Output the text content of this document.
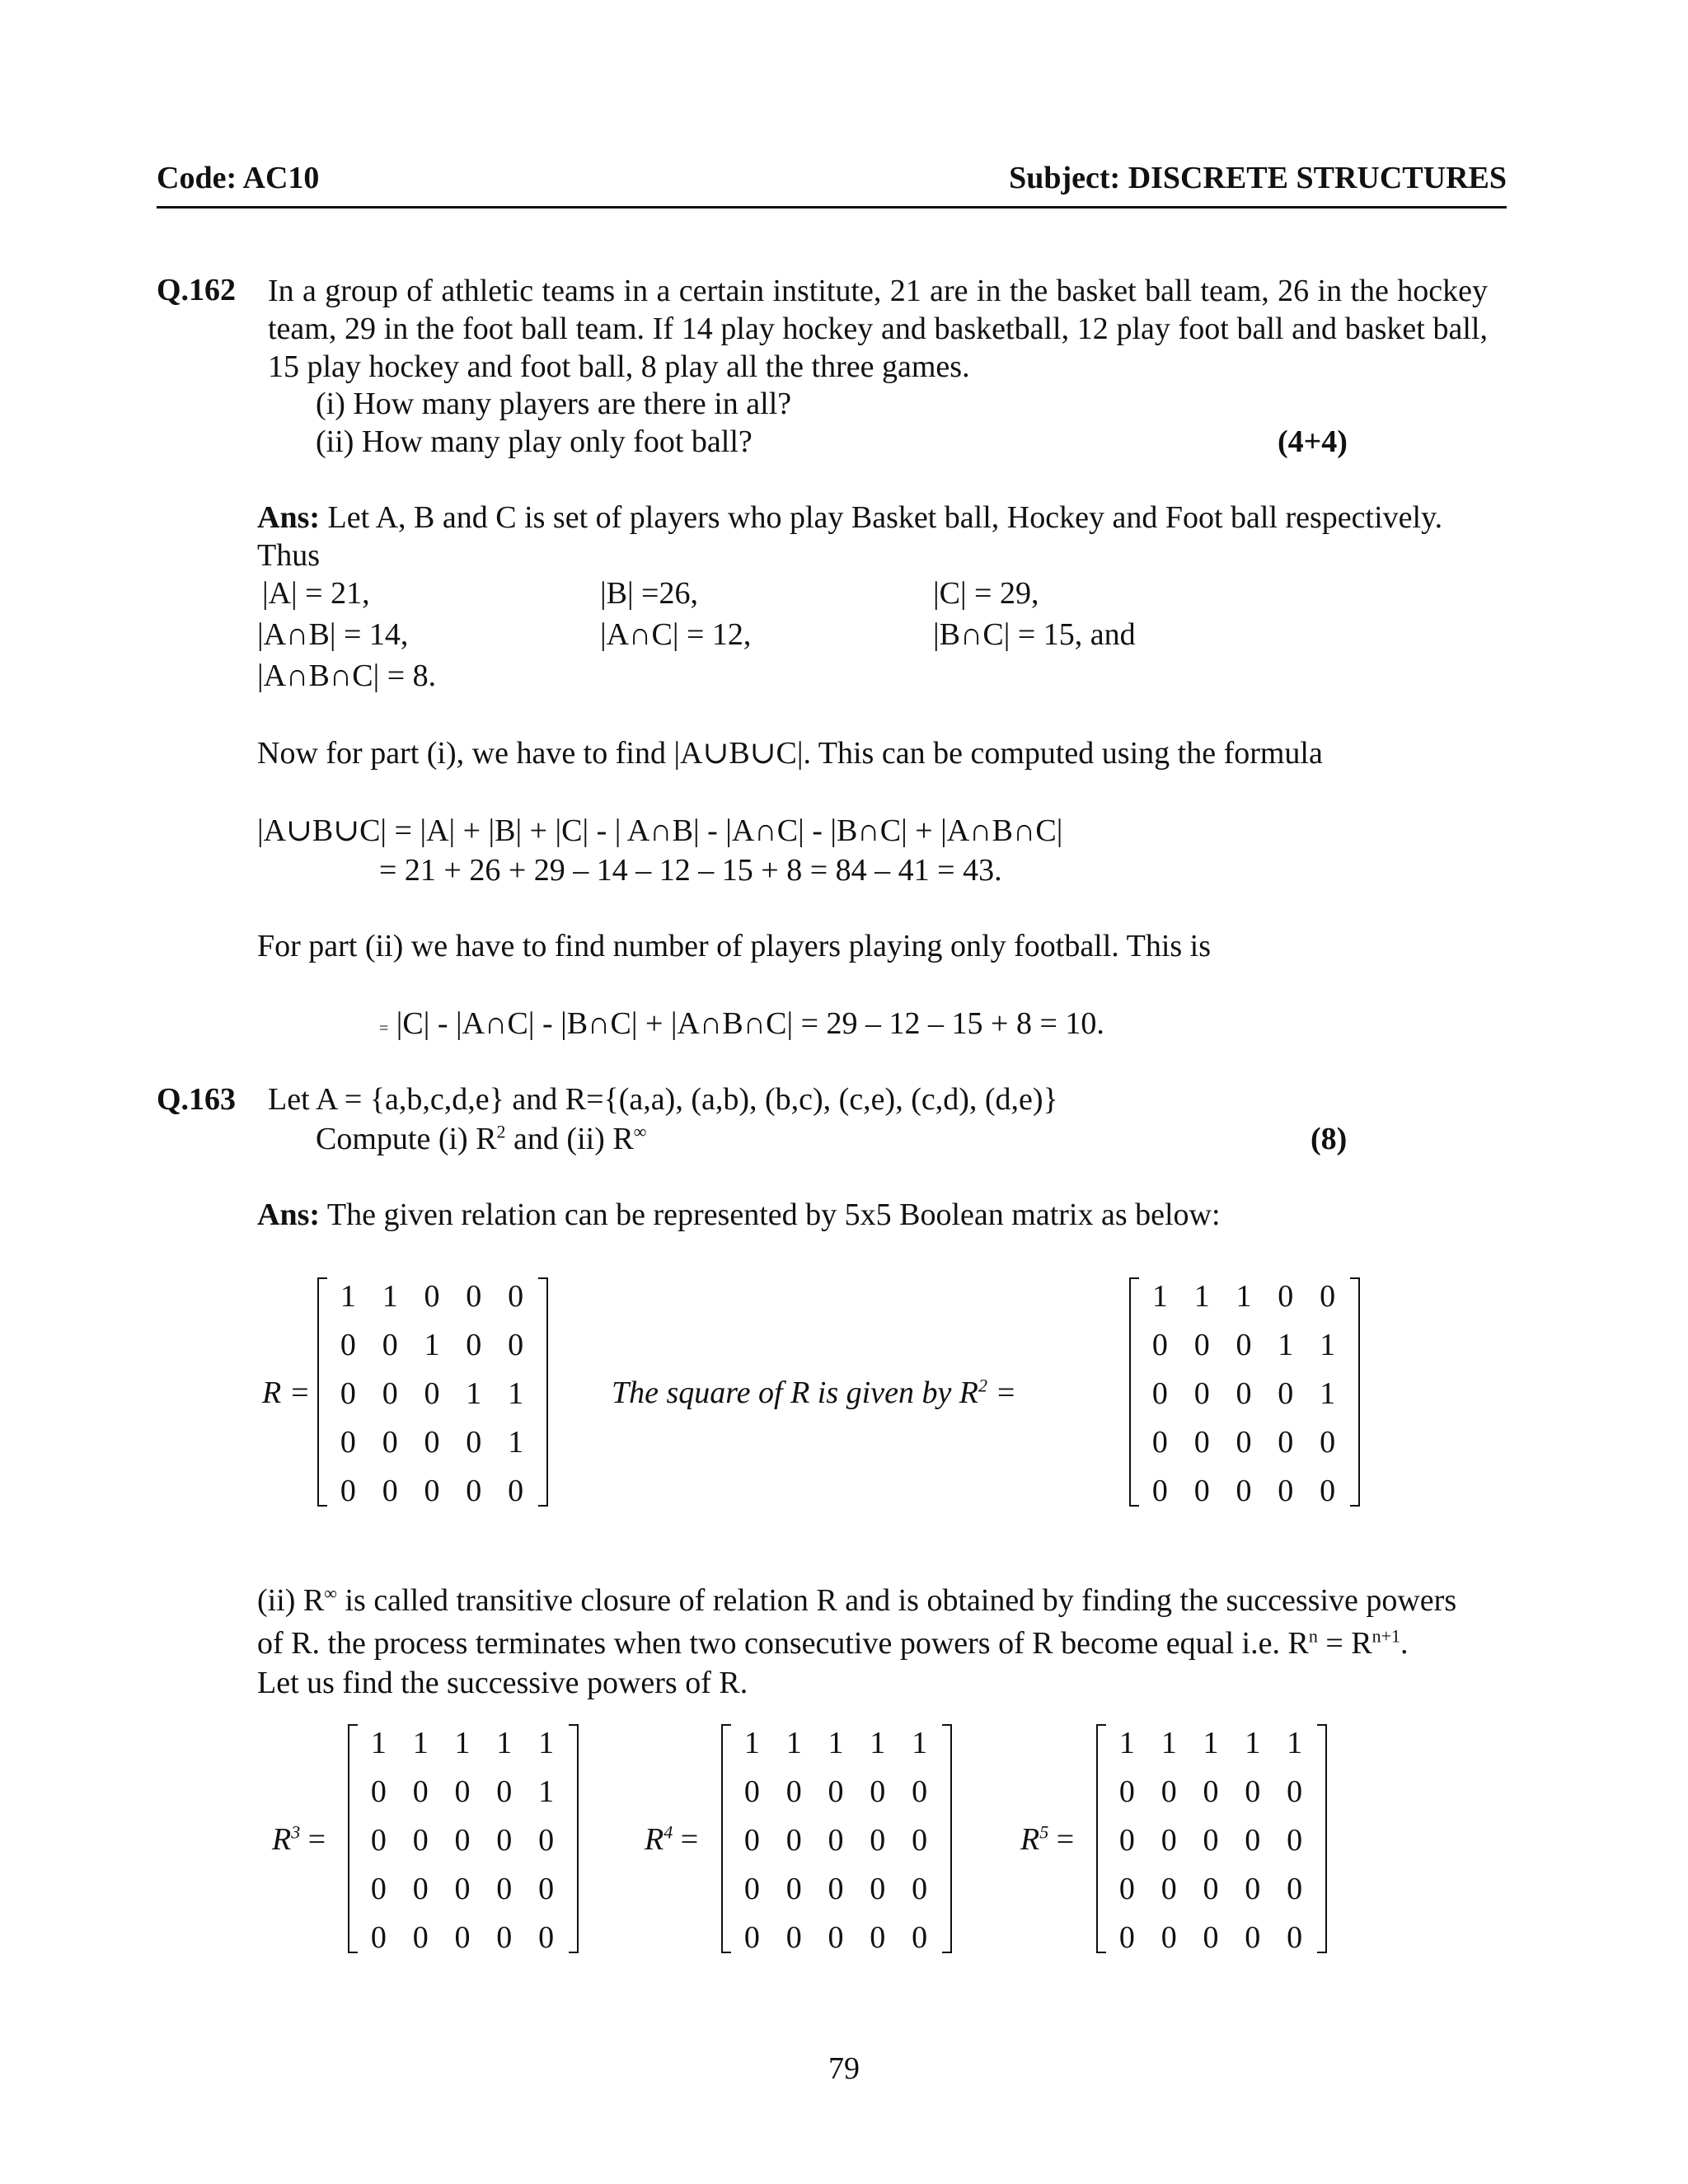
Code: AC10	Subject: DISCRETE STRUCTURES
Q.162 In a group of athletic teams in a certain institute, 21 are in the basket ball team, 26 in the hockey team, 29 in the foot ball team. If 14 play hockey and basketball, 12 play foot ball and basket ball, 15 play hockey and foot ball, 8 play all the three games.
(i) How many players are there in all?
(ii) How many play only foot ball?	(4+4)
Ans: Let A, B and C is set of players who play Basket ball, Hockey and Foot ball respectively.
Thus
|A| = 21,	|B| =26,	|C| = 29,
|A∩B| = 14,	|A∩C| = 12,	|B∩C| = 15, and
|A∩B∩C| = 8.
Now for part (i), we have to find |A∪B∪C|. This can be computed using the formula
|A∪B∪C| = |A| + |B| + |C| - | A∩B| - |A∩C| - |B∩C| + |A∩B∩C|
= 21 + 26 + 29 – 14 – 12 – 15 + 8 = 84 – 41 = 43.
For part (ii) we have to find number of players playing only football. This is
= |C| - |A∩C| - |B∩C| + |A∩B∩C| = 29 – 12 – 15 + 8 = 10.
Q.163 Let A = {a,b,c,d,e} and R={(a,a), (a,b), (b,c), (c,e), (c,d), (d,e)}
Compute (i) $R^2$ and (ii) R∞	(8)
Ans: The given relation can be represented by 5x5 Boolean matrix as below:
R =
1 1 0 0 0
0 0 1 0 0
0 0 0 1 1
0 0 0 0 1
0 0 0 0 0
The square of R is given by $R^2$ =
1 1 1 0 0
0 0 0 1 1
0 0 0 0 1
0 0 0 0 0
0 0 0 0 0
(ii) R∞ is called transitive closure of relation R and is obtained by finding the successive powers
of R. the process terminates when two consecutive powers of R become equal i.e. $R^n = R^{n+1}$.
Let us find the successive powers of R.
$R^3$ =
1 1 1 1 1
0 0 0 0 1
0 0 0 0 0
0 0 0 0 0
0 0 0 0 0
$R^4$ =
1 1 1 1 1
0 0 0 0 0
0 0 0 0 0
0 0 0 0 0
0 0 0 0 0
$R^5$ =
1 1 1 1 1
0 0 0 0 0
0 0 0 0 0
0 0 0 0 0
0 0 0 0 0
79
